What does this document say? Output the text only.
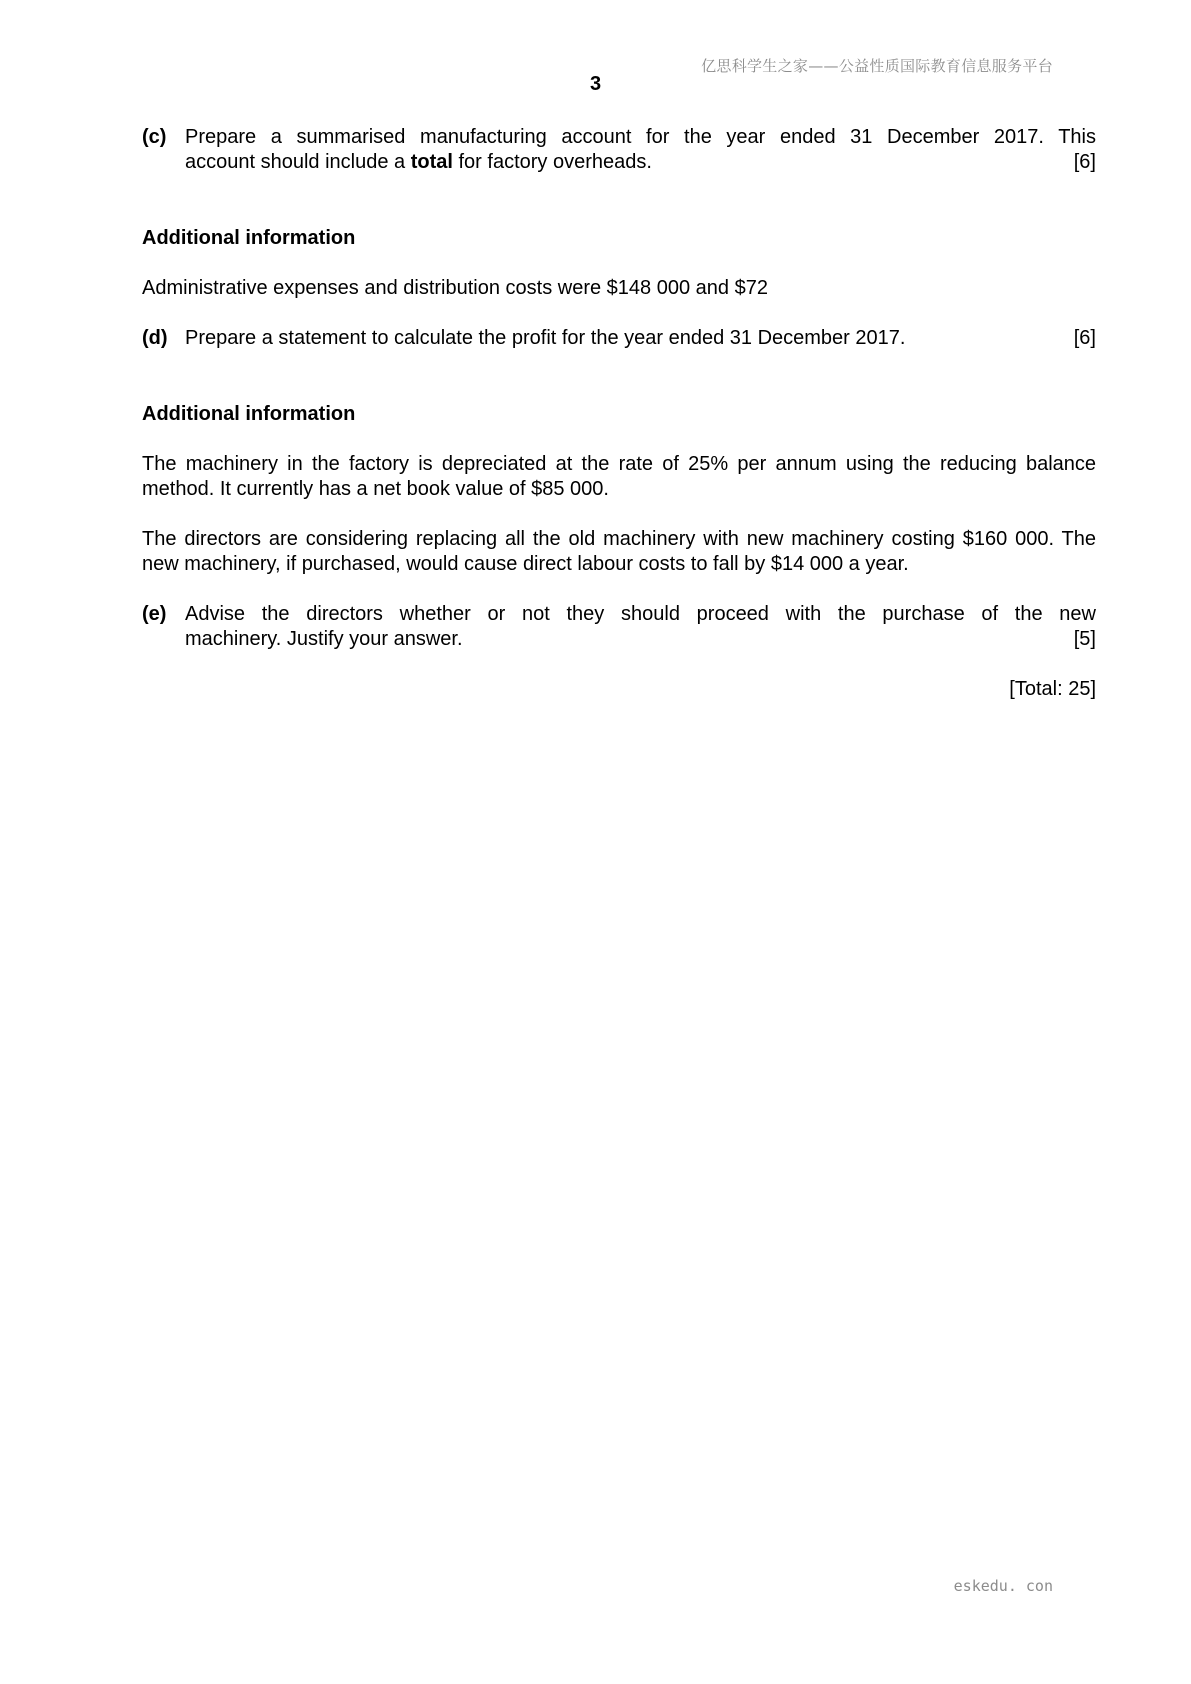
亿思科学生之家——公益性质国际教育信息服务平台
3
(c) Prepare a summarised manufacturing account for the year ended 31 December 2017. This
account should include a total for factory overheads.	[6]

Additional information

Administrative expenses and distribution costs were $148 000 and $72

(d) Prepare a statement to calculate the profit for the year ended 31 December 2017.	[6]

Additional information

The machinery in the factory is depreciated at the rate of 25% per annum using the reducing balance method. It currently has a net book value of $85 000.

The directors are considering replacing all the old machinery with new machinery costing $160 000. The new machinery, if purchased, would cause direct labour costs to fall by $14 000 a year.

(e) Advise the directors whether or not they should proceed with the purchase of the new
machinery. Justify your answer.	[5]

[Total: 25]

eskedu. con
